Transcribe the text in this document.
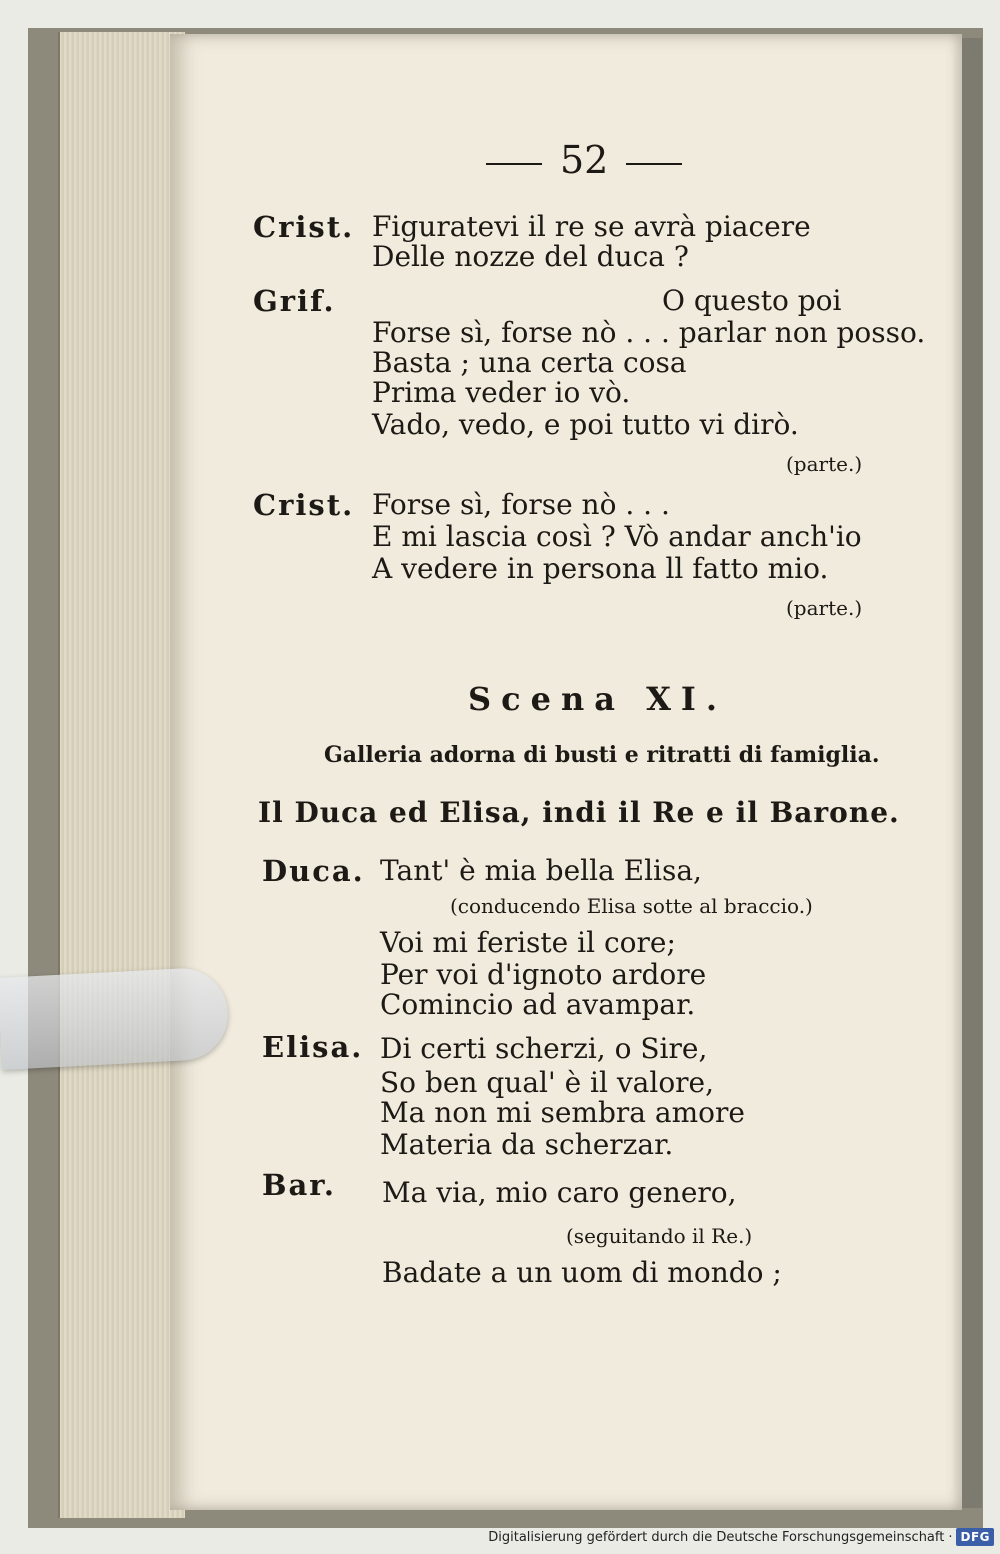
52
Crist. Figuratevi il re se avrà piacere
Delle nozze del duca ?
Grif.	O questo poi
Forse sì, forse nò . . . parlar non posso.
Basta ; una certa cosa
Prima veder io vò.
Vado, vedo, e poi tutto vi dirò.
(parte.)
Crist. Forse sì, forse nò . . .
E mi lascia così ? Vò andar anch'io
A vedere in persona ll fatto mio.
(parte.)
Scena XI.
Galleria adorna di busti e ritratti di famiglia.
Il Duca ed Elisa, indi il Re e il Barone.
Duca. Tant' è mia bella Elisa,
(conducendo Elisa sotte al braccio.)
Voi mi feriste il core;
Per voi d'ignoto ardore
Comincio ad avampar.
Elisa. Di certi scherzi, o Sire,
So ben qual' è il valore,
Ma non mi sembra amore
Materia da scherzar.
Bar. Ma via, mio caro genero,
(seguitando il Re.)
Badate a un uom di mondo ;
Digitalisierung gefördert durch die Deutsche Forschungsgemeinschaft · DFG
